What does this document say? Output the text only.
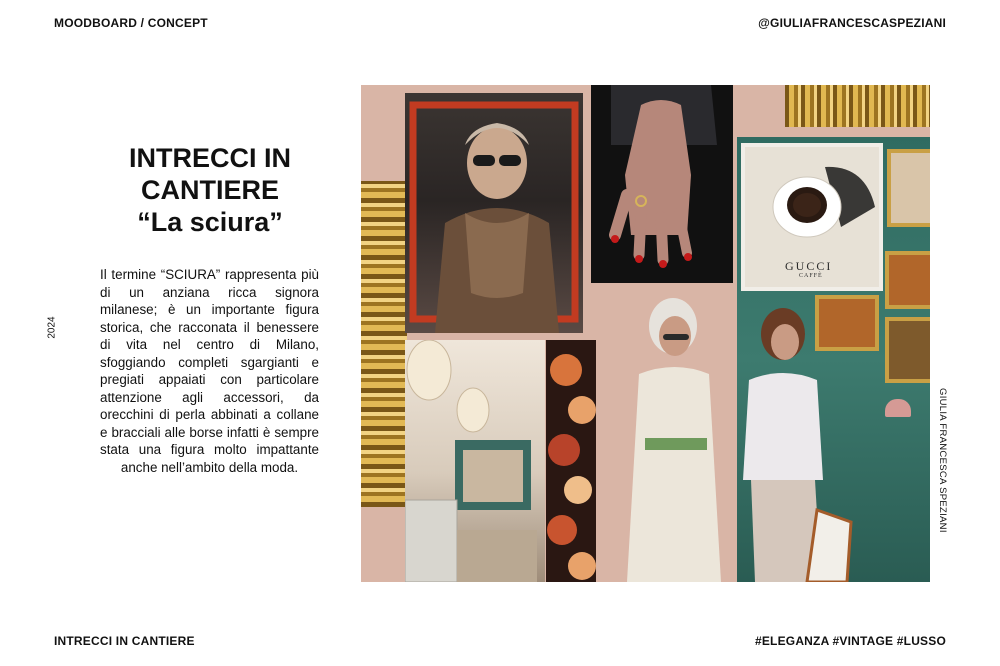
MOODBOARD / CONCEPT	@GIULIAFRANCESCASPEZIANI
INTRECCI IN
CANTIERE
“La sciura”
Il termine “SCIURA” rappresenta più di un anziana ricca signora milanese; è un importante figura storica, che racconata il benessere di vita nel centro di Milano, sfoggiando completi sgargianti e pregiati appaiati con particolare attenzione agli accessori, da orecchini di perla abbinati a collane e bracciali alle borse infatti è sempre stata una figura molto impattante anche nell’ambito della moda.
2024
GIULIA FRANCESCA SPEZIANI
GUCCI
CAFFÈ
INTRECCI IN CANTIERE	#ELEGANZA #VINTAGE #LUSSO
